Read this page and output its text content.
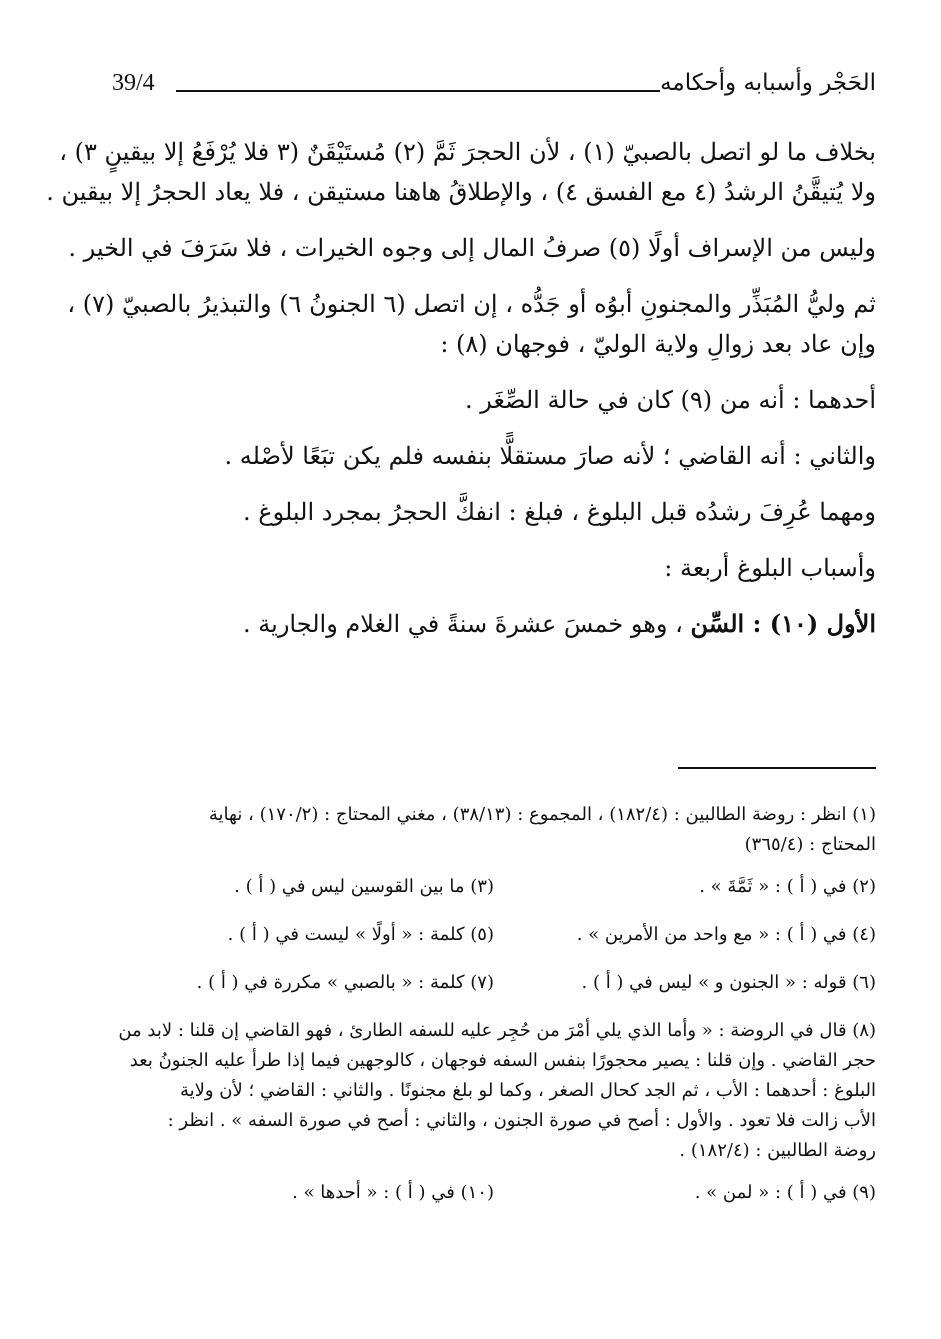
الحَجْر وأسبابه وأحكامه
39/4

بخلاف ما لو اتصل بالصبيّ (١) ، لأن الحجرَ ثَمَّ (٢) مُستَيْقَنٌ (٣ فلا يُرْفَعُ إلا بيقينٍ ٣) ،
ولا يُتيقَّنُ الرشدُ (٤ مع الفسق ٤) ، والإطلاقُ هاهنا مستيقن ، فلا يعاد الحجرُ إلا بيقين .

وليس من الإسراف أولًا (٥) صرفُ المال إلى وجوه الخيرات ، فلا سَرَفَ في الخير .

ثم وليُّ المُبَذِّر والمجنونِ أبوُه أو جَدُّه ، إن اتصل (٦ الجنونُ ٦) والتبذيرُ بالصبيّ (٧) ،
وإن عاد بعد زوالِ ولاية الوليّ ، فوجهان (٨) :

أحدهما : أنه من (٩) كان في حالة الصِّغَر .

والثاني : أنه القاضي ؛ لأنه صارَ مستقلًّا بنفسه فلم يكن تبَعًا لأصْله .

ومهما عُرِفَ رشدُه قبل البلوغ ، فبلغ : انفكَّ الحجرُ بمجرد البلوغ .

وأسباب البلوغ أربعة :

الأول (١٠) : السِّن ، وهو خمسَ عشرةَ سنةً في الغلام والجارية .

(١) انظر : روضة الطالبين : (١٨٢/٤) ، المجموع : (٣٨/١٣) ، مغني المحتاج : (١٧٠/٢) ، نهاية
المحتاج : (٣٦٥/٤)

(٢) في ( أ ) : « ثَمَّةَ » .
(٣) ما بين القوسين ليس في ( أ ) .
(٤) في ( أ ) : « مع واحد من الأمرين » .
(٥) كلمة : « أولًا » ليست في ( أ ) .
(٦) قوله : « الجنون و » ليس في ( أ ) .
(٧) كلمة : « بالصبي » مكررة في ( أ ) .

(٨) قال في الروضة : « وأما الذي يلي أمْرَ من حُجِر عليه للسفه الطارئ ، فهو القاضي إن قلنا : لابد من
حجر القاضي . وإن قلنا : يصير محجورًا بنفس السفه فوجهان ، كالوجهين فيما إذا طرأ عليه الجنونُ بعد
البلوغ : أحدهما : الأب ، ثم الجد كحال الصغر ، وكما لو بلغ مجنونًا . والثاني : القاضي ؛ لأن ولاية
الأب زالت فلا تعود . والأول : أصح في صورة الجنون ، والثاني : أصح في صورة السفه » . انظر :
روضة الطالبين : (١٨٢/٤) .

(٩) في ( أ ) : « لمن » .
(١٠) في ( أ ) : « أحدها » .
